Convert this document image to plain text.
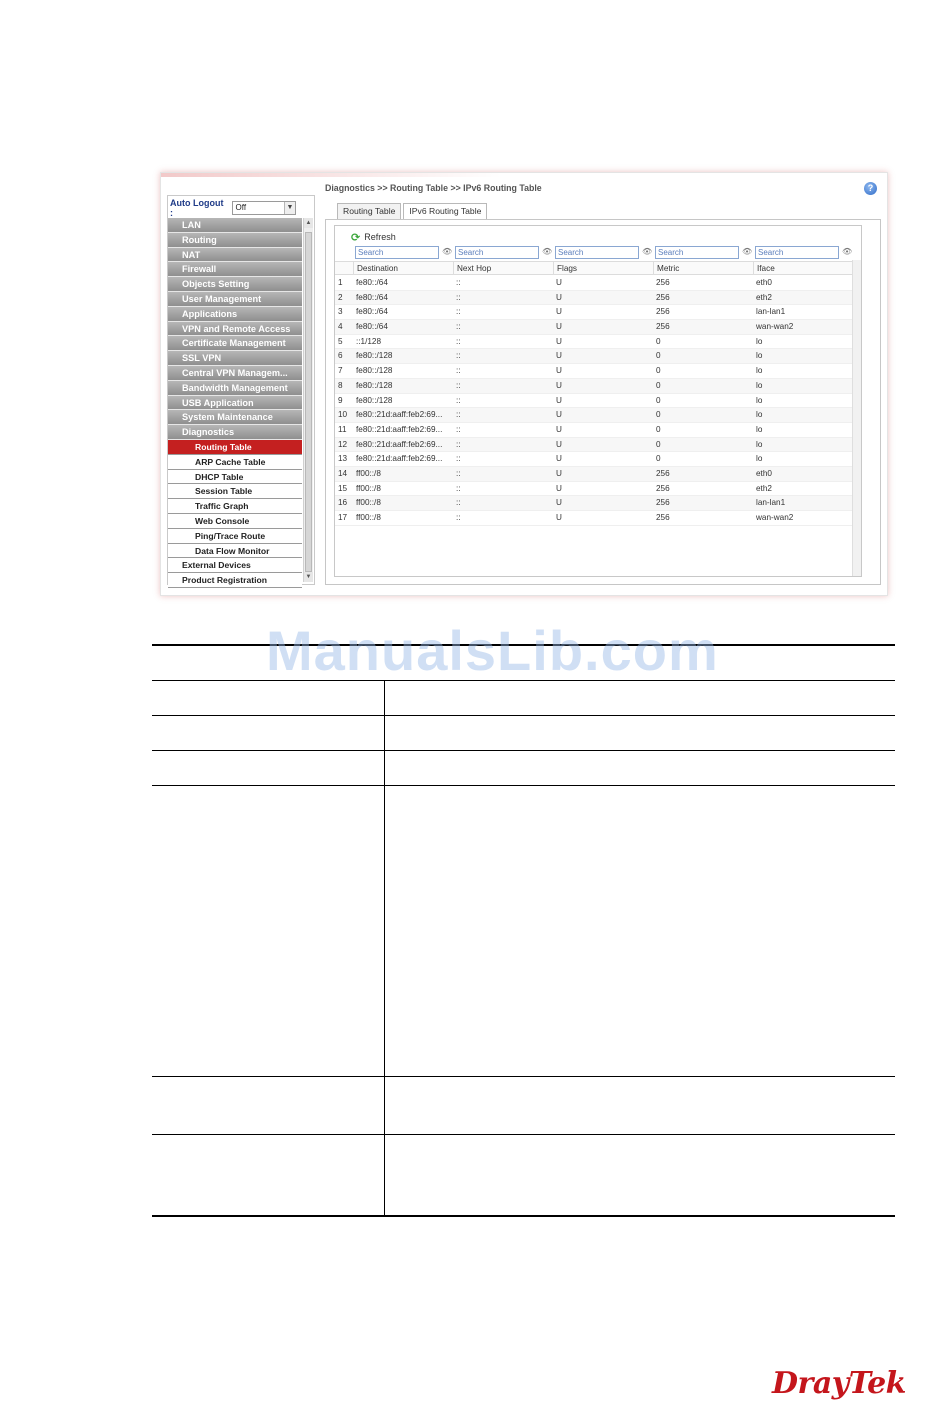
Auto Logout :
Off	▼
LAN
Routing
NAT
Firewall
Objects Setting
User Management
Applications
VPN and Remote Access
Certificate Management
SSL VPN
Central VPN Managem...
Bandwidth Management
USB Application
System Maintenance
Diagnostics
Routing Table
ARP Cache Table
DHCP Table
Session Table
Traffic Graph
Web Console
Ping/Trace Route
Data Flow Monitor
External Devices
Product Registration
▲
▼
Diagnostics >> Routing Table >> IPv6 Routing Table	?
Routing Table	IPv6 Routing Table
⟳ Refresh
Search	👁 Search	👁 Search	👁 Search	👁 Search	👁
Destination	Next Hop	Flags	Metric	Iface
1	fe80::/64	::	U	256	eth0
2	fe80::/64	::	U	256	eth2
3	fe80::/64	::	U	256	lan-lan1
4	fe80::/64	::	U	256	wan-wan2
5	::1/128	::	U	0	lo
6	fe80::/128	::	U	0	lo
7	fe80::/128	::	U	0	lo
8	fe80::/128	::	U	0	lo
9	fe80::/128	::	U	0	lo
10	fe80::21d:aaff:feb2:69...	::	U	0	lo
11	fe80::21d:aaff:feb2:69...	::	U	0	lo
12	fe80::21d:aaff:feb2:69...	::	U	0	lo
13	fe80::21d:aaff:feb2:69...	::	U	0	lo
14	ff00::/8	::	U	256	eth0
15	ff00::/8	::	U	256	eth2
16	ff00::/8	::	U	256	lan-lan1
17	ff00::/8	::	U	256	wan-wan2
ManualsLib.com
DrayTek
